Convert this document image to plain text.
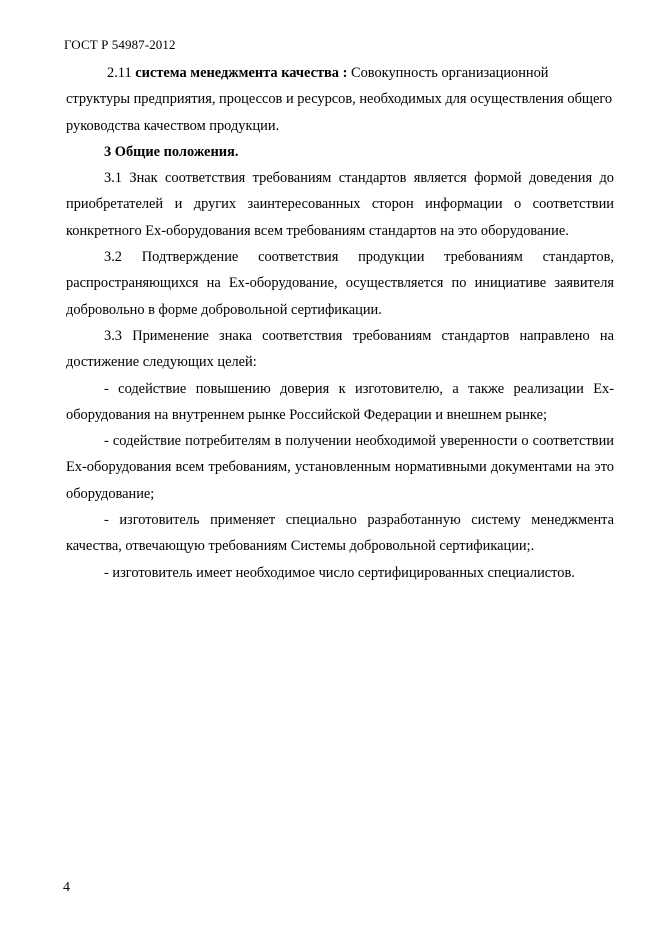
ГОСТ Р 54987-2012

2.11 система менеджмента качества : Совокупность организационной структуры предприятия, процессов и ресурсов, необходимых для осуществления общего руководства качеством продукции.

3 Общие положения.

3.1 Знак соответствия требованиям стандартов является формой доведения до приобретателей и других заинтересованных сторон информации о соответствии конкретного Ех-оборудования всем требованиям стандартов на это оборудование.

3.2 Подтверждение соответствия продукции требованиям стандартов, распространяющихся на Ех-оборудование, осуществляется по инициативе заявителя добровольно в форме добровольной сертификации.

3.3 Применение знака соответствия требованиям стандартов направлено на достижение следующих целей:

- содействие повышению доверия к изготовителю, а также реализации Ех-оборудования на внутреннем рынке Российской Федерации и внешнем рынке;

- содействие потребителям в получении необходимой уверенности о соответствии Ех-оборудования всем требованиям, установленным нормативными документами на это оборудование;

- изготовитель применяет специально разработанную систему менеджмента качества, отвечающую требованиям Системы добровольной сертификации;.

- изготовитель имеет необходимое число сертифицированных специалистов.

4
